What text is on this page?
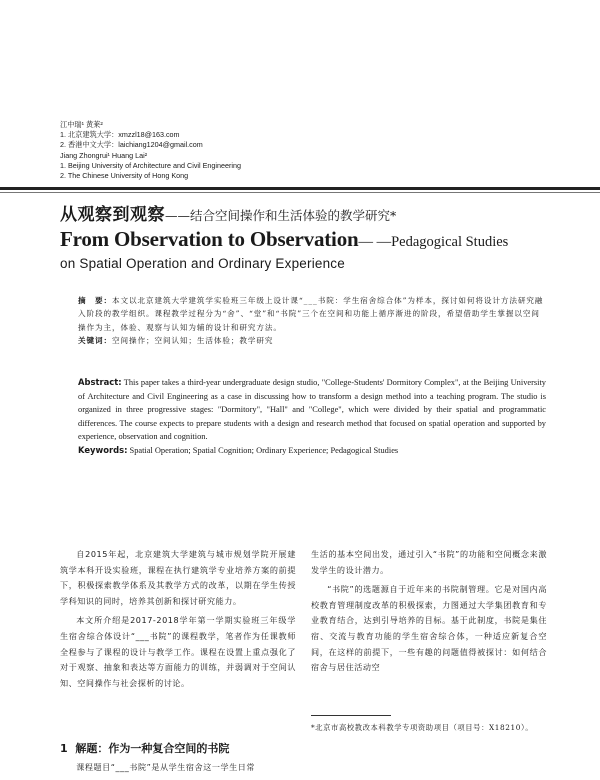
江中瑞¹ 黄莱²
1. 北京建筑大学：xmzzl18@163.com
2. 香港中文大学：laichiang1204@gmail.com
Jiang Zhongrui¹ Huang Lai²
1. Beijing University of Architecture and Civil Engineering
2. The Chinese University of Hong Kong
从观察到观察——结合空间操作和生活体验的教学研究*
From Observation to Observation— —Pedagogical Studies
on Spatial Operation and Ordinary Experience
摘　要：本文以北京建筑大学建筑学实验班三年级上设计课“___书院：学生宿舍综合体”为样本，探讨如何将设计方法研究融入阶段的教学组织。课程教学过程分为“舍”、“堂”和“书院”三个在空间和功能上循序渐进的阶段，希望借助学生掌握以空间操作为主，体验、观察与认知为辅的设计和研究方法。
关键词：空间操作；空间认知；生活体验；教学研究
Abstract: This paper takes a third-year undergraduate design studio, "College-Students' Dormitory Complex", at the Beijing University of Architecture and Civil Engineering as a case in discussing how to transform a design method into a teaching program. The studio is organized in three progressive stages: "Dormitory", "Hall" and "College", which were divided by their spatial and programmatic differences. The course expects to prepare students with a design and research method that focused on spatial operation and supported by experience, observation and cognition.
Keywords: Spatial Operation; Spatial Cognition; Ordinary Experience; Pedagogical Studies

自2015年起，北京建筑大学建筑与城市规划学院开展建筑学本科开设实验班，课程在执行建筑学专业培养方案的前提下，积极探索教学体系及其教学方式的改革，以期在学生传授学科知识的同时，培养其创新和探讨研究能力。

本文所介绍是2017-2018学年第一学期实验班三年级学生宿舍综合体设计“___书院”的课程教学，笔者作为任课教师全程参与了课程的设计与教学工作。课程在设置上重点强化了对于观察、抽象和表达等方面能力的训练，并弱调对于空间认知、空间操作与社会探析的讨论。

1 解题：作为一种复合空间的书院

课程题目“___书院”是从学生宿舍这一学生日常

生活的基本空间出发，通过引入“书院”的功能和空间概念来激发学生的设计潜力。

“书院”的选题源自于近年来的书院制管理。它是对国内高校教育管理制度改革的积极探索，力图通过大学集团教育和专业教育结合，达到引导培养的目标。基于此制度，书院是集住宿、交流与教育功能的学生宿舍综合体，一种适应新复合空间，在这样的前提下，一些有趣的问题值得被探讨：如何结合宿舍与居住活动空

*北京市高校教改本科教学专项资助项目（项目号：X18210）。
